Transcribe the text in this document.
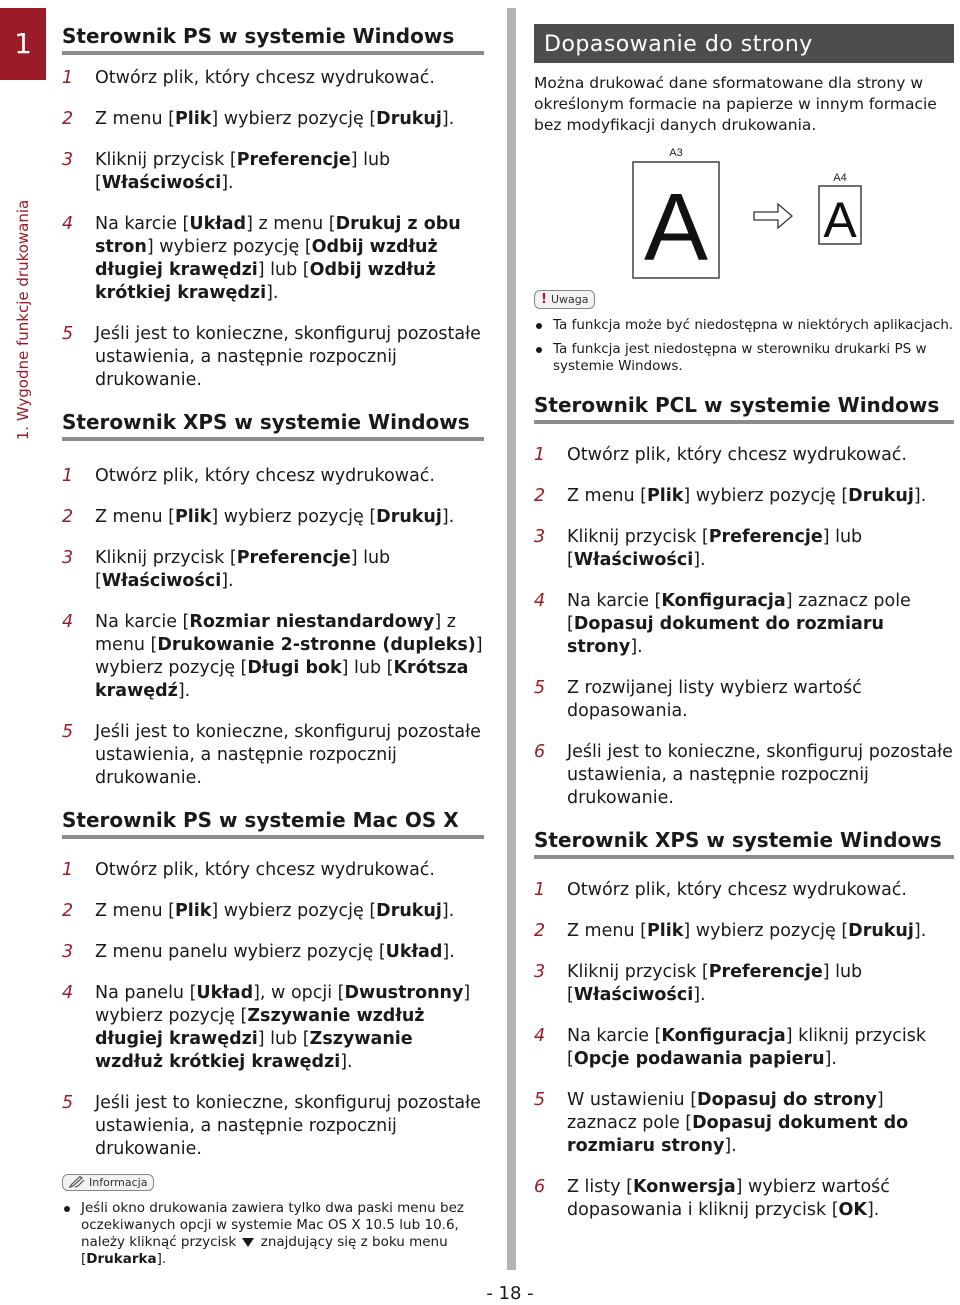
1
1. Wygodne funkcje drukowania
Sterownik PS w systemie Windows
1 Otwórz plik, który chcesz wydrukować.
2 Z menu [Plik] wybierz pozycję [Drukuj].
3 Kliknij przycisk [Preferencje] lub [Właściwości].
4 Na karcie [Układ] z menu [Drukuj z obu stron] wybierz pozycję [Odbij wzdłuż długiej krawędzi] lub [Odbij wzdłuż krótkiej krawędzi].
5 Jeśli jest to konieczne, skonfiguruj pozostałe ustawienia, a następnie rozpocznij drukowanie.
Sterownik XPS w systemie Windows
1 Otwórz plik, który chcesz wydrukować.
2 Z menu [Plik] wybierz pozycję [Drukuj].
3 Kliknij przycisk [Preferencje] lub [Właściwości].
4 Na karcie [Rozmiar niestandardowy] z menu [Drukowanie 2-stronne (dupleks)] wybierz pozycję [Długi bok] lub [Krótsza krawędź].
5 Jeśli jest to konieczne, skonfiguruj pozostałe ustawienia, a następnie rozpocznij drukowanie.
Sterownik PS w systemie Mac OS X
1 Otwórz plik, który chcesz wydrukować.
2 Z menu [Plik] wybierz pozycję [Drukuj].
3 Z menu panelu wybierz pozycję [Układ].
4 Na panelu [Układ], w opcji [Dwustronny] wybierz pozycję [Zszywanie wzdłuż długiej krawędzi] lub [Zszywanie wzdłuż krótkiej krawędzi].
5 Jeśli jest to konieczne, skonfiguruj pozostałe ustawienia, a następnie rozpocznij drukowanie.
Informacja
Jeśli okno drukowania zawiera tylko dwa paski menu bez oczekiwanych opcji w systemie Mac OS X 10.5 lub 10.6, należy kliknąć przycisk znajdujący się z boku menu [Drukarka].
Dopasowanie do strony

Można drukować dane sformatowane dla strony w określonym formacie na papierze w innym formacie bez modyfikacji danych drukowania.

A3
A	A4
A
! Uwaga
Ta funkcja może być niedostępna w niektórych aplikacjach.
Ta funkcja jest niedostępna w sterowniku drukarki PS w systemie Windows.
Sterownik PCL w systemie Windows
1 Otwórz plik, który chcesz wydrukować.
2 Z menu [Plik] wybierz pozycję [Drukuj].
3 Kliknij przycisk [Preferencje] lub [Właściwości].
4 Na karcie [Konfiguracja] zaznacz pole [Dopasuj dokument do rozmiaru strony].
5 Z rozwijanej listy wybierz wartość dopasowania.
6 Jeśli jest to konieczne, skonfiguruj pozostałe ustawienia, a następnie rozpocznij drukowanie.
Sterownik XPS w systemie Windows
1 Otwórz plik, który chcesz wydrukować.
2 Z menu [Plik] wybierz pozycję [Drukuj].
3 Kliknij przycisk [Preferencje] lub [Właściwości].
4 Na karcie [Konfiguracja] kliknij przycisk [Opcje podawania papieru].
5 W ustawieniu [Dopasuj do strony] zaznacz pole [Dopasuj dokument do rozmiaru strony].
6 Z listy [Konwersja] wybierz wartość dopasowania i kliknij przycisk [OK].
- 18 -
